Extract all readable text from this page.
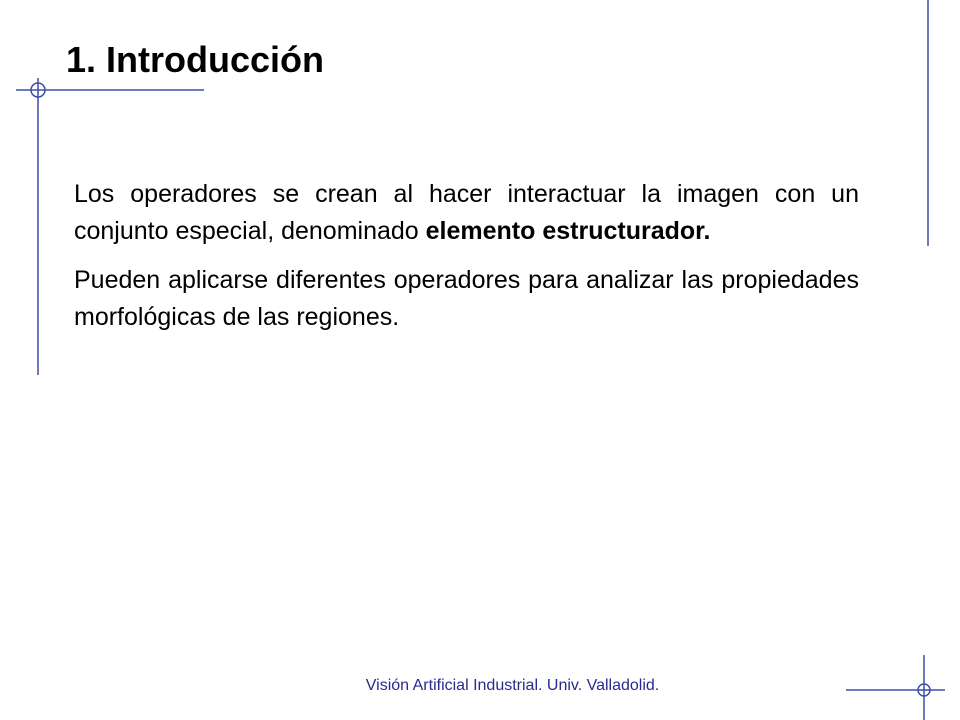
1. Introducción

Los operadores se crean al hacer interactuar la imagen con un conjunto especial, denominado elemento estructurador.

Pueden aplicarse diferentes operadores para analizar las propiedades morfológicas de las regiones.

Visión Artificial Industrial. Univ. Valladolid.
